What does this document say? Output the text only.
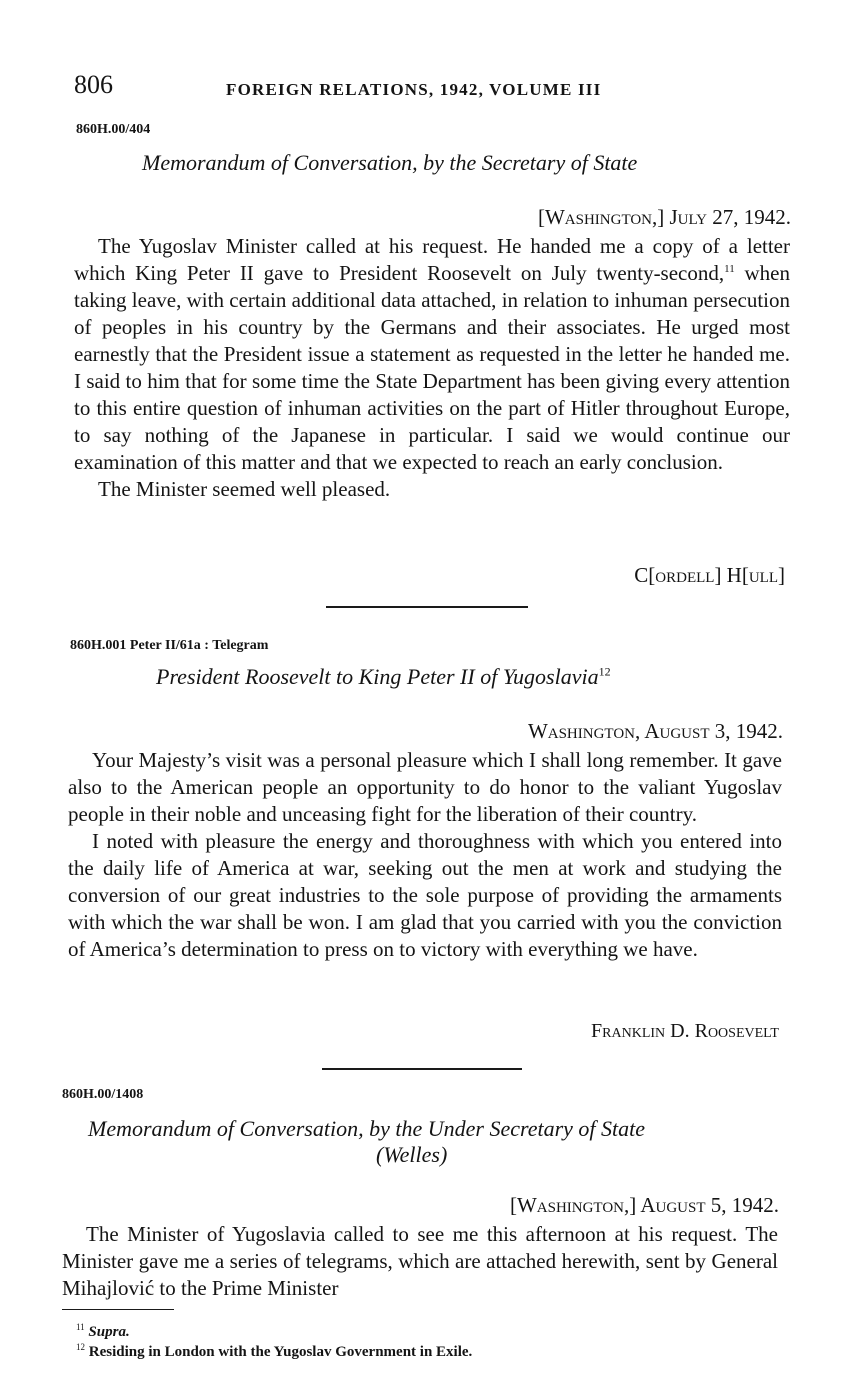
806	FOREIGN RELATIONS, 1942, VOLUME III
860H.00/404
Memorandum of Conversation, by the Secretary of State
[Washington,] July 27, 1942.

The Yugoslav Minister called at his request. He handed me a copy of a letter which King Peter II gave to President Roosevelt on July twenty-second,$^{11}$ when taking leave, with certain additional data attached, in relation to inhuman persecution of peoples in his country by the Germans and their associates. He urged most earnestly that the President issue a statement as requested in the letter he handed me. I said to him that for some time the State Department has been giving every attention to this entire question of inhuman activities on the part of Hitler throughout Europe, to say nothing of the Japanese in particular. I said we would continue our examination of this matter and that we expected to reach an early conclusion.

The Minister seemed well pleased.

C[ordell] H[ull]
860H.001 Peter II/61a : Telegram
President Roosevelt to King Peter II of Yugoslavia$^{12}$
Washington, August 3, 1942.

Your Majesty’s visit was a personal pleasure which I shall long remember. It gave also to the American people an opportunity to do honor to the valiant Yugoslav people in their noble and unceasing fight for the liberation of their country.

I noted with pleasure the energy and thoroughness with which you entered into the daily life of America at war, seeking out the men at work and studying the conversion of our great industries to the sole purpose of providing the armaments with which the war shall be won. I am glad that you carried with you the conviction of America’s determination to press on to victory with everything we have.

Franklin D. Roosevelt
860H.00/1408
Memorandum of Conversation, by the Under Secretary of State
(Welles)
[Washington,] August 5, 1942.

The Minister of Yugoslavia called to see me this afternoon at his request. The Minister gave me a series of telegrams, which are attached herewith, sent by General Mihajlović to the Prime Minister

$^{11}$ Supra.
$^{12}$ Residing in London with the Yugoslav Government in Exile.
